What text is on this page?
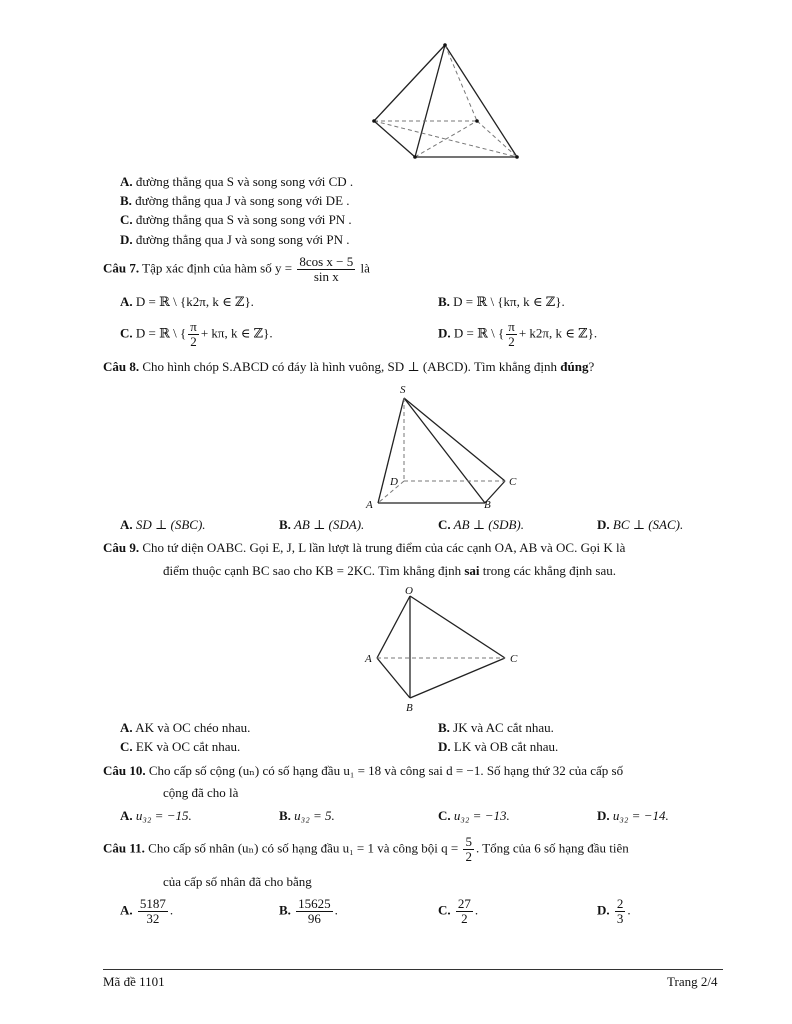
A. đường thẳng qua S và song song với CD .
B. đường thẳng qua J và song song với DE .
C. đường thẳng qua S và song song với PN .
D. đường thẳng qua J và song song với PN .
Câu 7. Tập xác định của hàm số $y = \frac{\text{8cos x − 5}}{\text{sin x}}$ là
A. D = ℝ \ {k2π, k ∈ ℤ}.	B. D = ℝ \ {kπ, k ∈ ℤ}.
C. D = ℝ \ { $\frac{\pi}{2} + k\pi$, k ∈ ℤ}.	D. D = ℝ \ { $\frac{\pi}{2} + k2\pi$, k ∈ ℤ}.
Câu 8. Cho hình chóp S.ABCD có đáy là hình vuông, SD ⊥ (ABCD). Tìm khẳng định đúng?
S
D	C
A	B
A. SD ⊥ (SBC).	B. AB ⊥ (SDA).	C. AB ⊥ (SDB).	D. BC ⊥ (SAC).
Câu 9. Cho tứ diện OABC. Gọi E, J, L lần lượt là trung điểm của các cạnh OA, AB và OC. Gọi K là
điểm thuộc cạnh BC sao cho KB = 2KC. Tìm khẳng định sai trong các khẳng định sau.
O
A	C
B
A. AK và OC chéo nhau.	B. JK và AC cắt nhau.
C. EK và OC cắt nhau.	D. LK và OB cắt nhau.
Câu 10. Cho cấp số cộng (uₙ) có số hạng đầu u₁ = 18 và công sai d = −1. Số hạng thứ 32 của cấp số
cộng đã cho là
A. u₃₂ = −15.	B. u₃₂ = 5.	C. u₃₂ = −13.	D. u₃₂ = −14.
Câu 11. Cho cấp số nhân (uₙ) có số hạng đầu u₁ = 1 và công bội $q = \frac{5}{2}$ . Tổng của 6 số hạng đầu tiên
của cấp số nhân đã cho bằng
A. $\frac{5187}{32}$ .	B. $\frac{15625}{96}$ .	C. $\frac{27}{2}$ .	D. $\frac{2}{3}$ .
Mã đề 1101	Trang 2/4
